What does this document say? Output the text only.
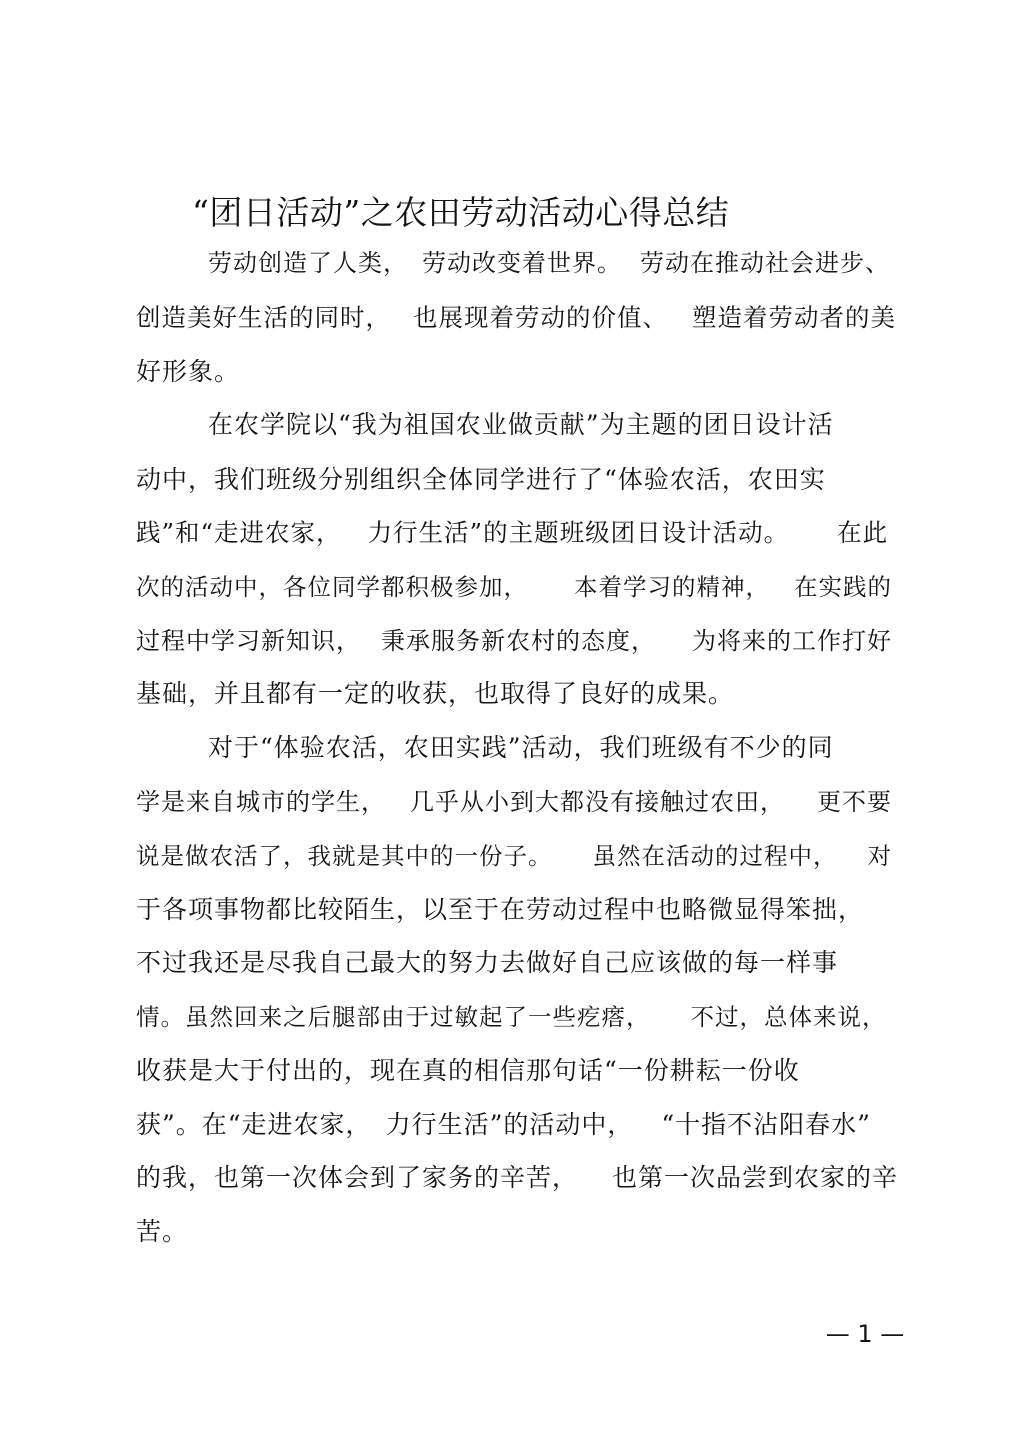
“团日活动”之农田劳动活动心得总结
劳动创造了人类， 劳动改变着世界。 劳动在推动社会进步、
创造美好生活的同时， 也展现着劳动的价值、 塑造着劳动者的美
好形象。
在农学院以“我为祖国农业做贡献”为主题的团日设计活
动中，我们班级分别组织全体同学进行了“体验农活，农田实
践”和“走进农家， 力行生活”的主题班级团日设计活动。 在此
次的活动中，各位同学都积极参加， 本着学习的精神， 在实践的
过程中学习新知识， 秉承服务新农村的态度， 为将来的工作打好
基础，并且都有一定的收获，也取得了良好的成果。
对于“体验农活，农田实践”活动，我们班级有不少的同
学是来自城市的学生， 几乎从小到大都没有接触过农田， 更不要
说是做农活了，我就是其中的一份子。 虽然在活动的过程中， 对
于各项事物都比较陌生，以至于在劳动过程中也略微显得笨拙，
不过我还是尽我自己最大的努力去做好自己应该做的每一样事
情。虽然回来之后腿部由于过敏起了一些疙瘩， 不过，总体来说，
收获是大于付出的，现在真的相信那句话“一份耕耘一份收
获”。在“走进农家， 力行生活”的活动中， “十指不沾阳春水”
的我，也第一次体会到了家务的辛苦， 也第一次品尝到农家的辛
苦。
— 1 —
